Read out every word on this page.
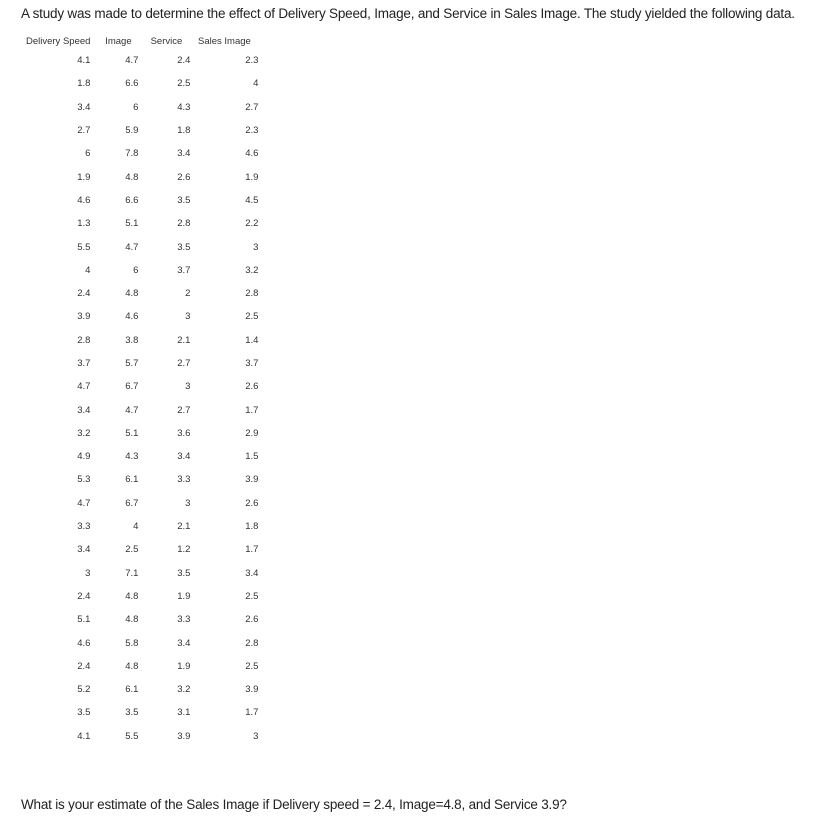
A study was made to determine the effect of Delivery Speed, Image, and Service in Sales Image. The study yielded the following data.
Delivery Speed	Image	Service	Sales Image
4.1	4.7	2.4	2.3
1.8	6.6	2.5	4
3.4	6	4.3	2.7
2.7	5.9	1.8	2.3
6	7.8	3.4	4.6
1.9	4.8	2.6	1.9
4.6	6.6	3.5	4.5
1.3	5.1	2.8	2.2
5.5	4.7	3.5	3
4	6	3.7	3.2
2.4	4.8	2	2.8
3.9	4.6	3	2.5
2.8	3.8	2.1	1.4
3.7	5.7	2.7	3.7
4.7	6.7	3	2.6
3.4	4.7	2.7	1.7
3.2	5.1	3.6	2.9
4.9	4.3	3.4	1.5
5.3	6.1	3.3	3.9
4.7	6.7	3	2.6
3.3	4	2.1	1.8
3.4	2.5	1.2	1.7
3	7.1	3.5	3.4
2.4	4.8	1.9	2.5
5.1	4.8	3.3	2.6
4.6	5.8	3.4	2.8
2.4	4.8	1.9	2.5
5.2	6.1	3.2	3.9
3.5	3.5	3.1	1.7
4.1	5.5	3.9	3
What is your estimate of the Sales Image if Delivery speed = 2.4, Image=4.8, and Service 3.9?
